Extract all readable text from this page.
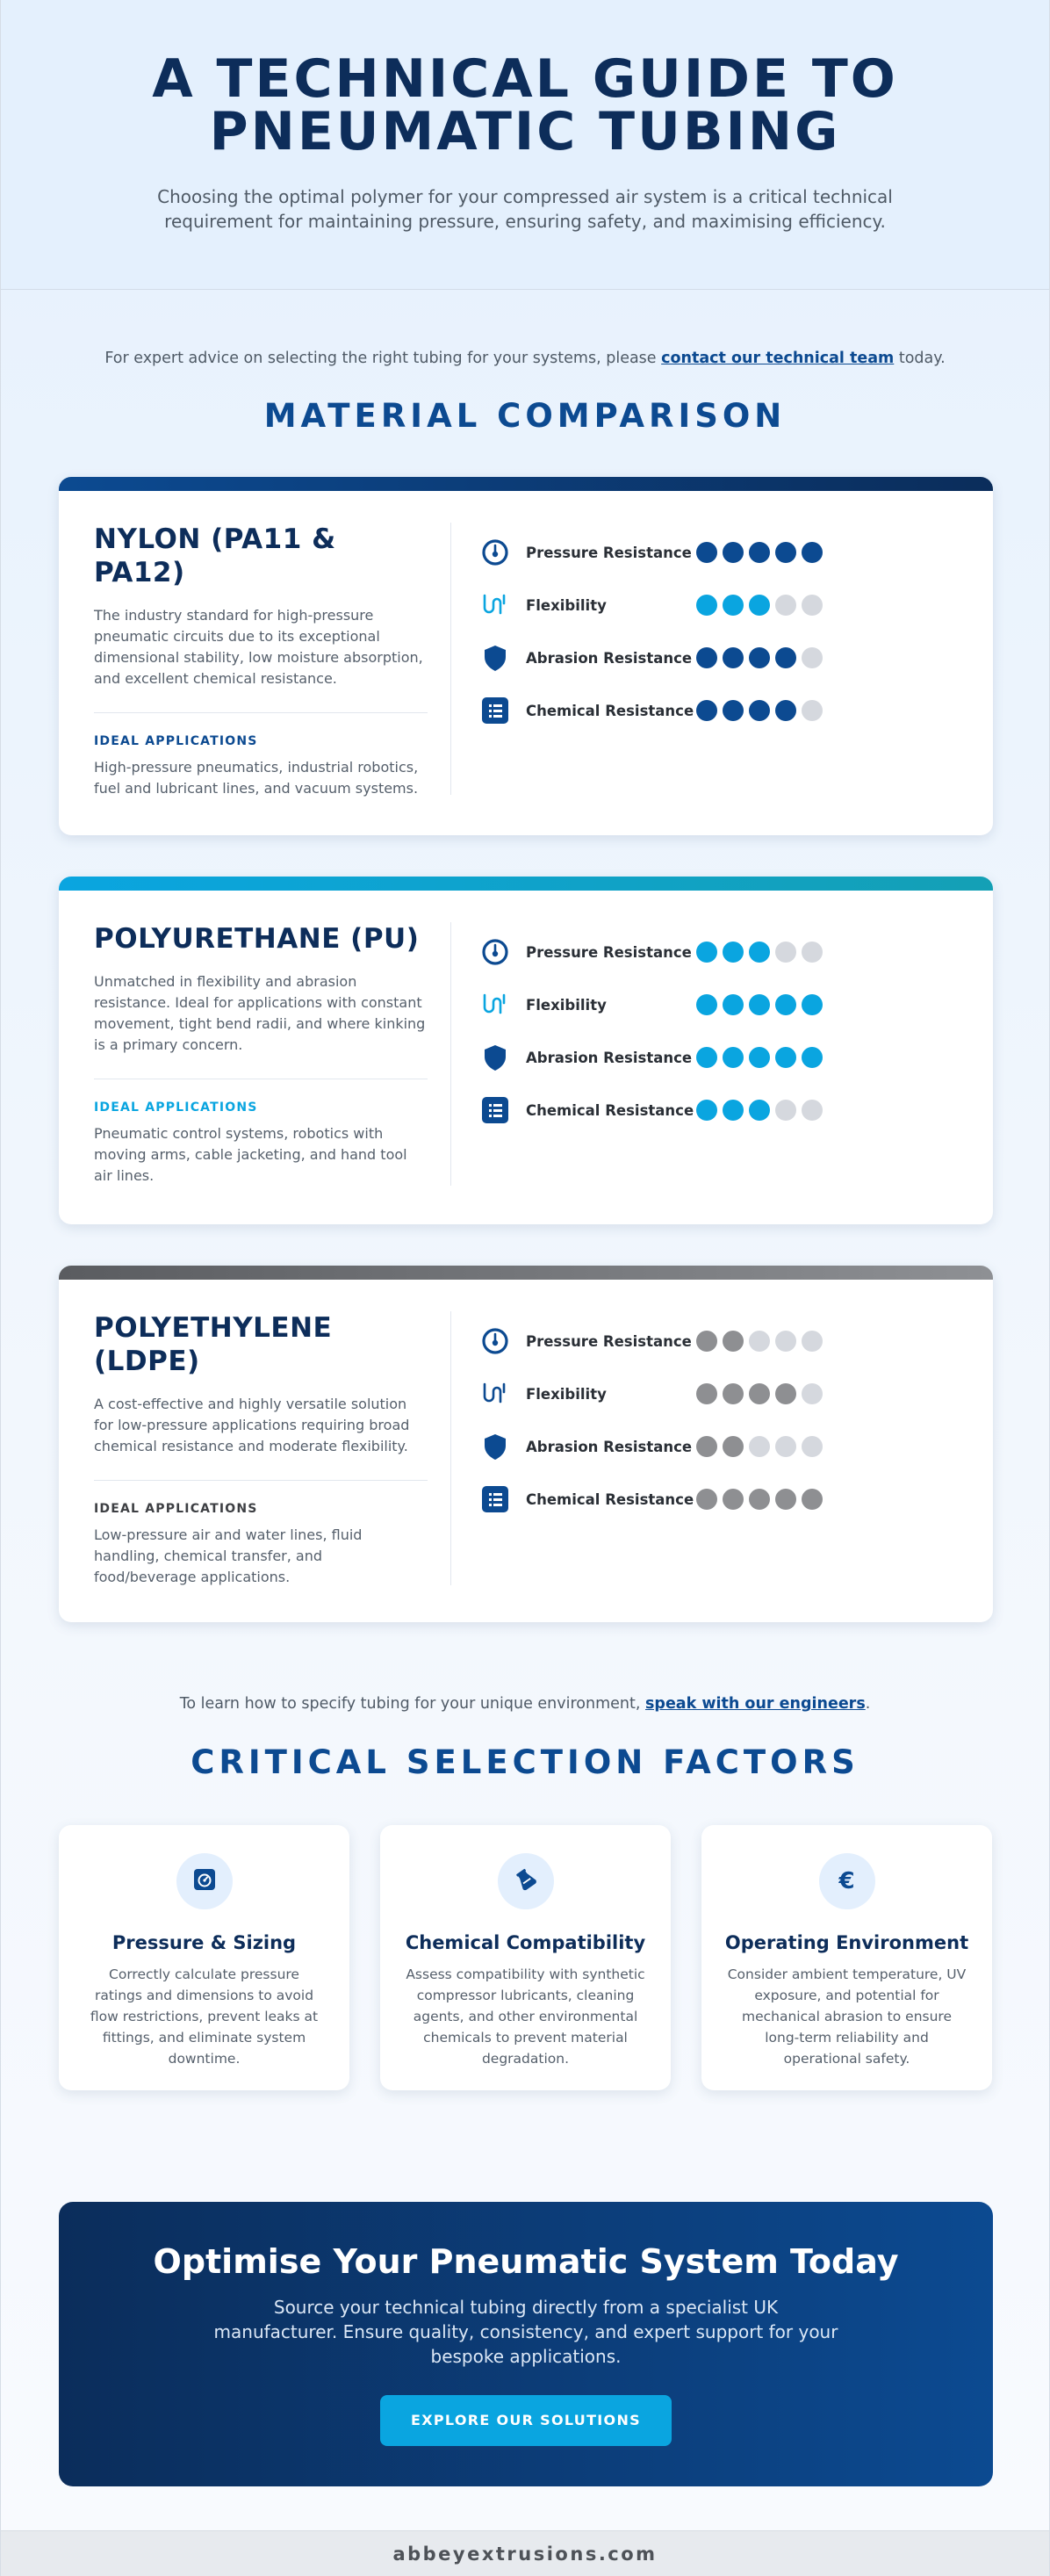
A TECHNICAL GUIDE TO
PNEUMATIC TUBING

Choosing the optimal polymer for your compressed air system is a critical technical requirement for maintaining pressure, ensuring safety, and maximising efficiency.

For expert advice on selecting the right tubing for your systems, please contact our technical team today.

MATERIAL COMPARISON
NYLON (PA11 & PA12)

The industry standard for high-pressure pneumatic circuits due to its exceptional dimensional stability, low moisture absorption, and excellent chemical resistance.

IDEAL APPLICATIONS

High-pressure pneumatics, industrial robotics, fuel and lubricant lines, and vacuum systems.

Pressure Resistance
Flexibility
Abrasion Resistance
Chemical Resistance
POLYURETHANE (PU)

Unmatched in flexibility and abrasion resistance. Ideal for applications with constant movement, tight bend radii, and where kinking is a primary concern.

IDEAL APPLICATIONS

Pneumatic control systems, robotics with moving arms, cable jacketing, and hand tool air lines.

Pressure Resistance
Flexibility
Abrasion Resistance
Chemical Resistance
POLYETHYLENE (LDPE)

A cost-effective and highly versatile solution for low-pressure applications requiring broad chemical resistance and moderate flexibility.

IDEAL APPLICATIONS

Low-pressure air and water lines, fluid handling, chemical transfer, and food/beverage applications.

Pressure Resistance
Flexibility
Abrasion Resistance
Chemical Resistance

To learn how to specify tubing for your unique environment, speak with our engineers.

CRITICAL SELECTION FACTORS
Pressure & Sizing

Correctly calculate pressure ratings and dimensions to avoid flow restrictions, prevent leaks at fittings, and eliminate system downtime.

Chemical Compatibility

Assess compatibility with synthetic compressor lubricants, cleaning agents, and other environmental chemicals to prevent material degradation.

€
Operating Environment

Consider ambient temperature, UV exposure, and potential for mechanical abrasion to ensure long-term reliability and operational safety.

Optimise Your Pneumatic System Today

Source your technical tubing directly from a specialist UK manufacturer. Ensure quality, consistency, and expert support for your bespoke applications.

EXPLORE OUR SOLUTIONS
abbeyextrusions.com
